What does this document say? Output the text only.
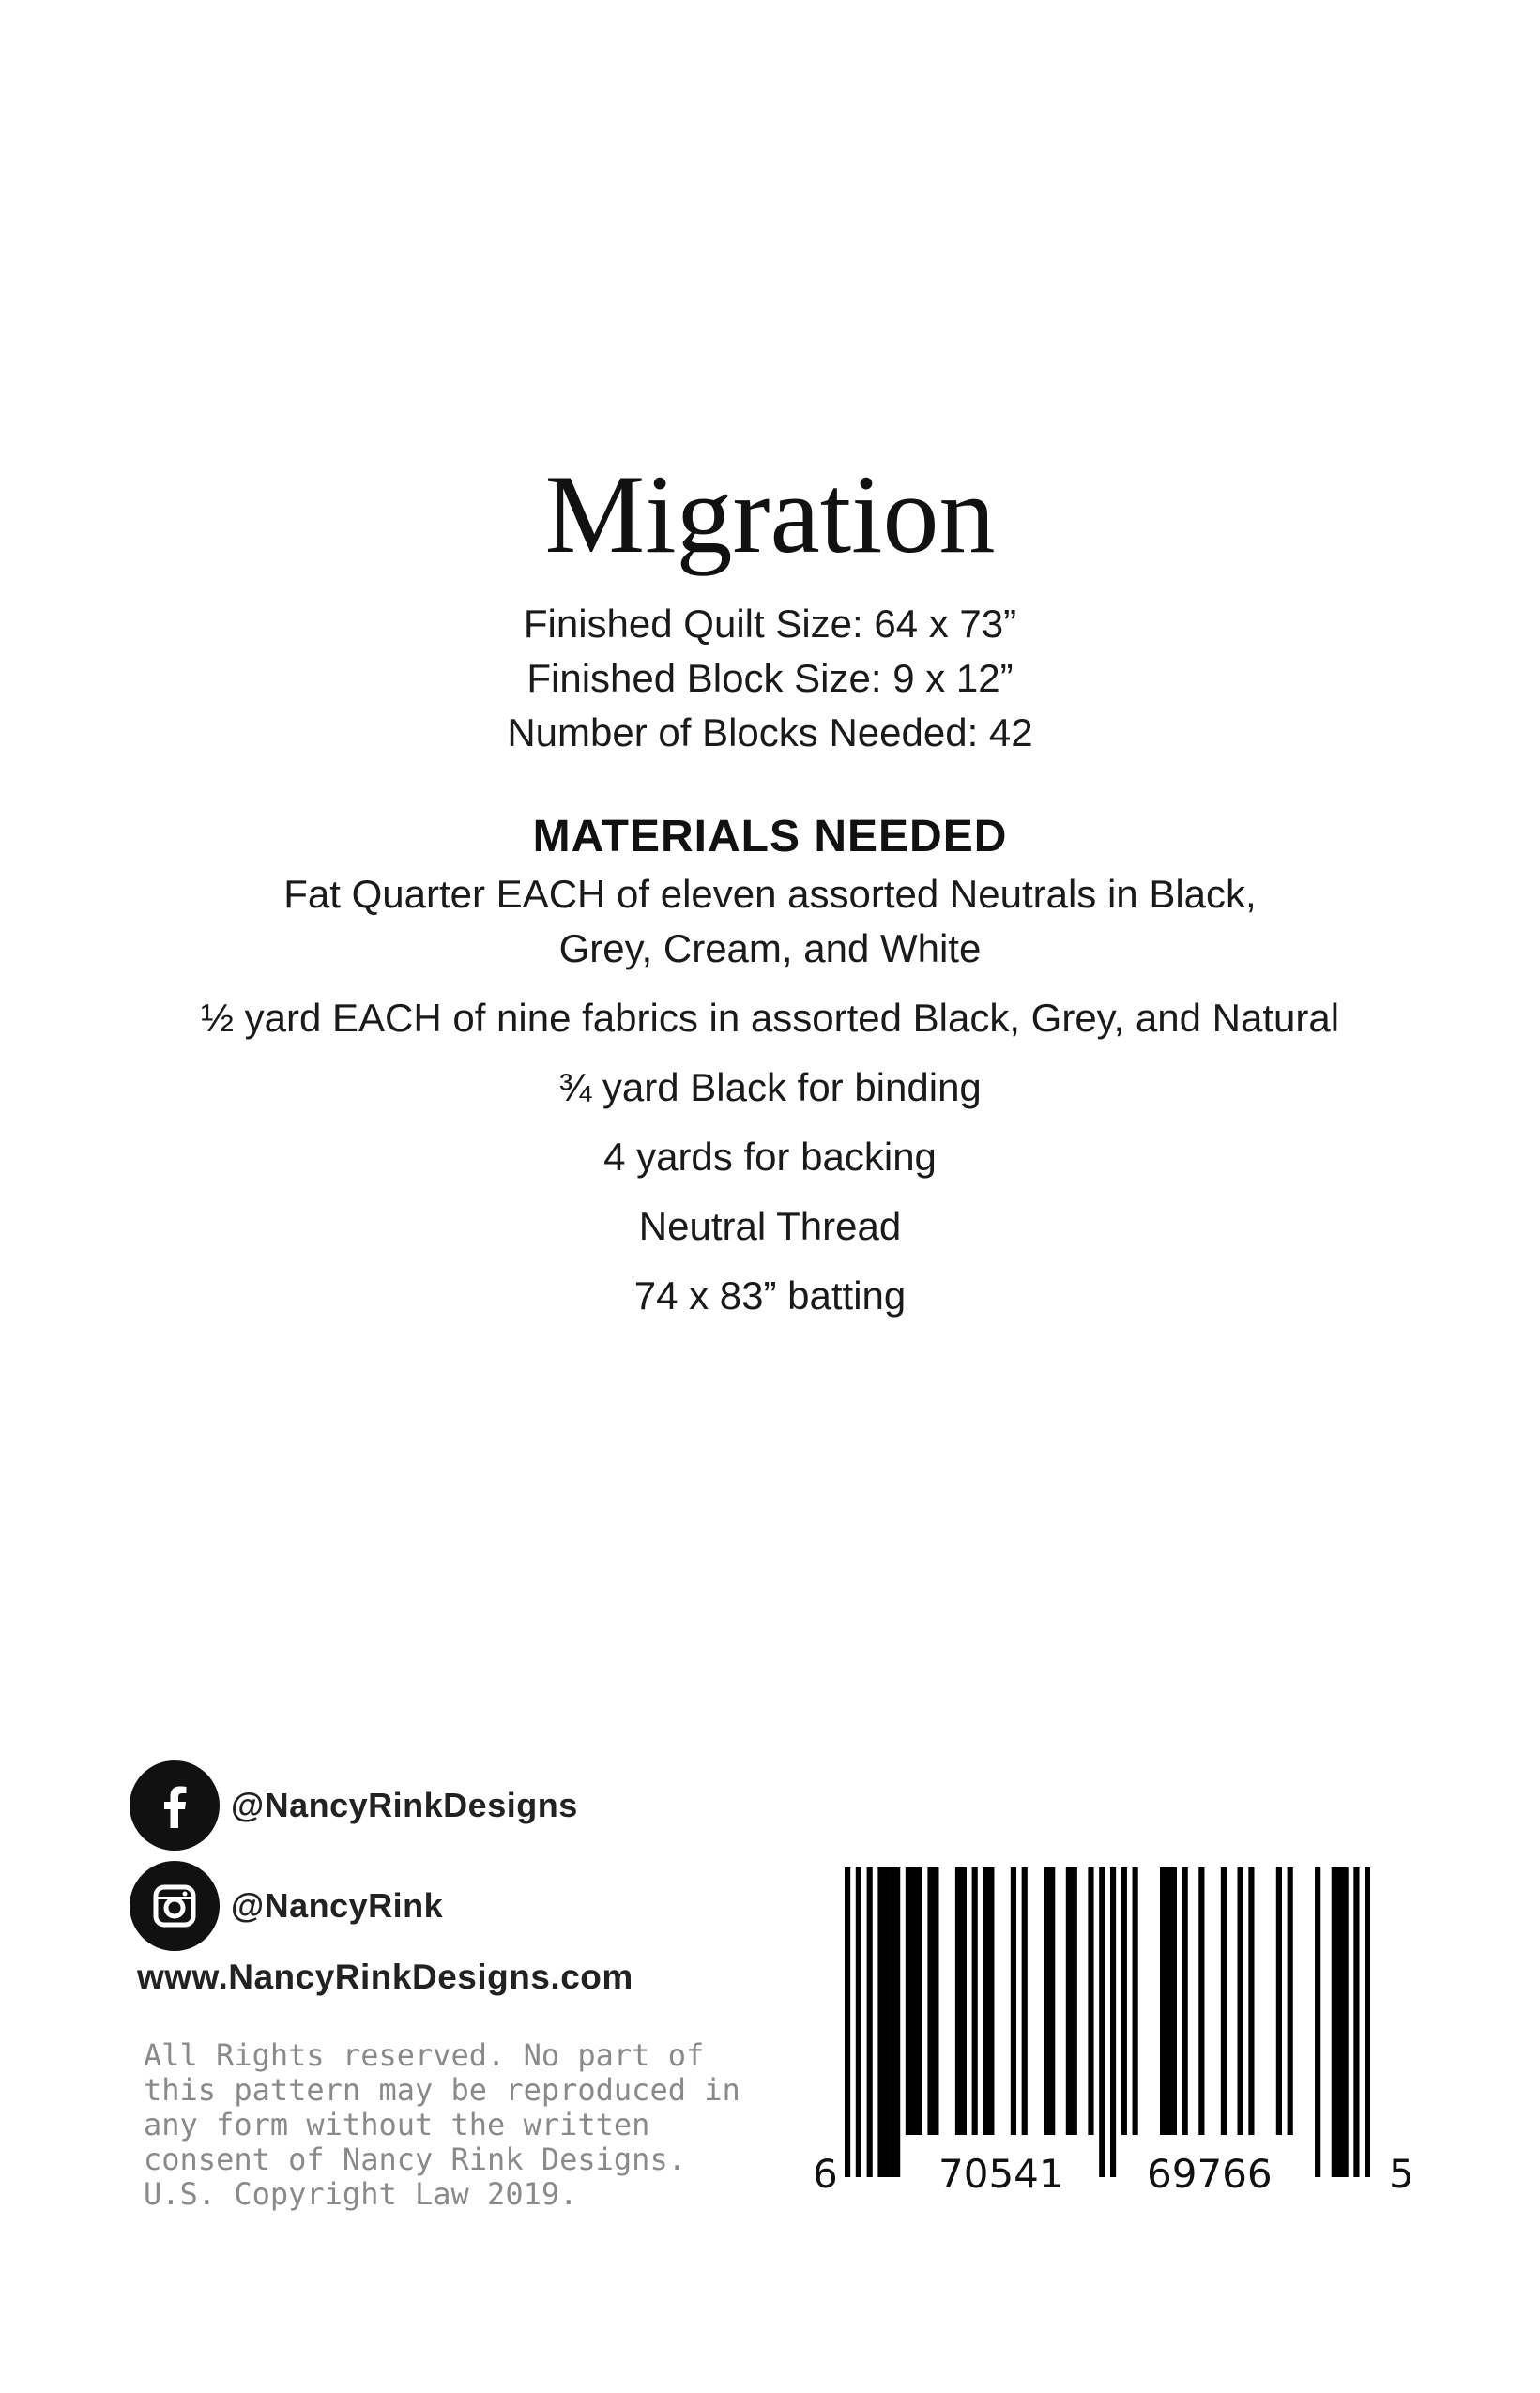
Migration
Finished Quilt Size: 64 x 73”
Finished Block Size: 9 x 12”
Number of Blocks Needed: 42
MATERIALS NEEDED
Fat Quarter EACH of eleven assorted Neutrals in Black,
Grey, Cream, and White
½ yard EACH of nine fabrics in assorted Black, Grey, and Natural
¾ yard Black for binding
4 yards for backing
Neutral Thread
74 x 83” batting
@NancyRinkDesigns
@NancyRink
www.NancyRinkDesigns.com
All Rights reserved. No part of this pattern may be reproduced in any form without the written consent of Nancy Rink Designs. U.S. Copyright Law 2019.	6	70541 69766	5
